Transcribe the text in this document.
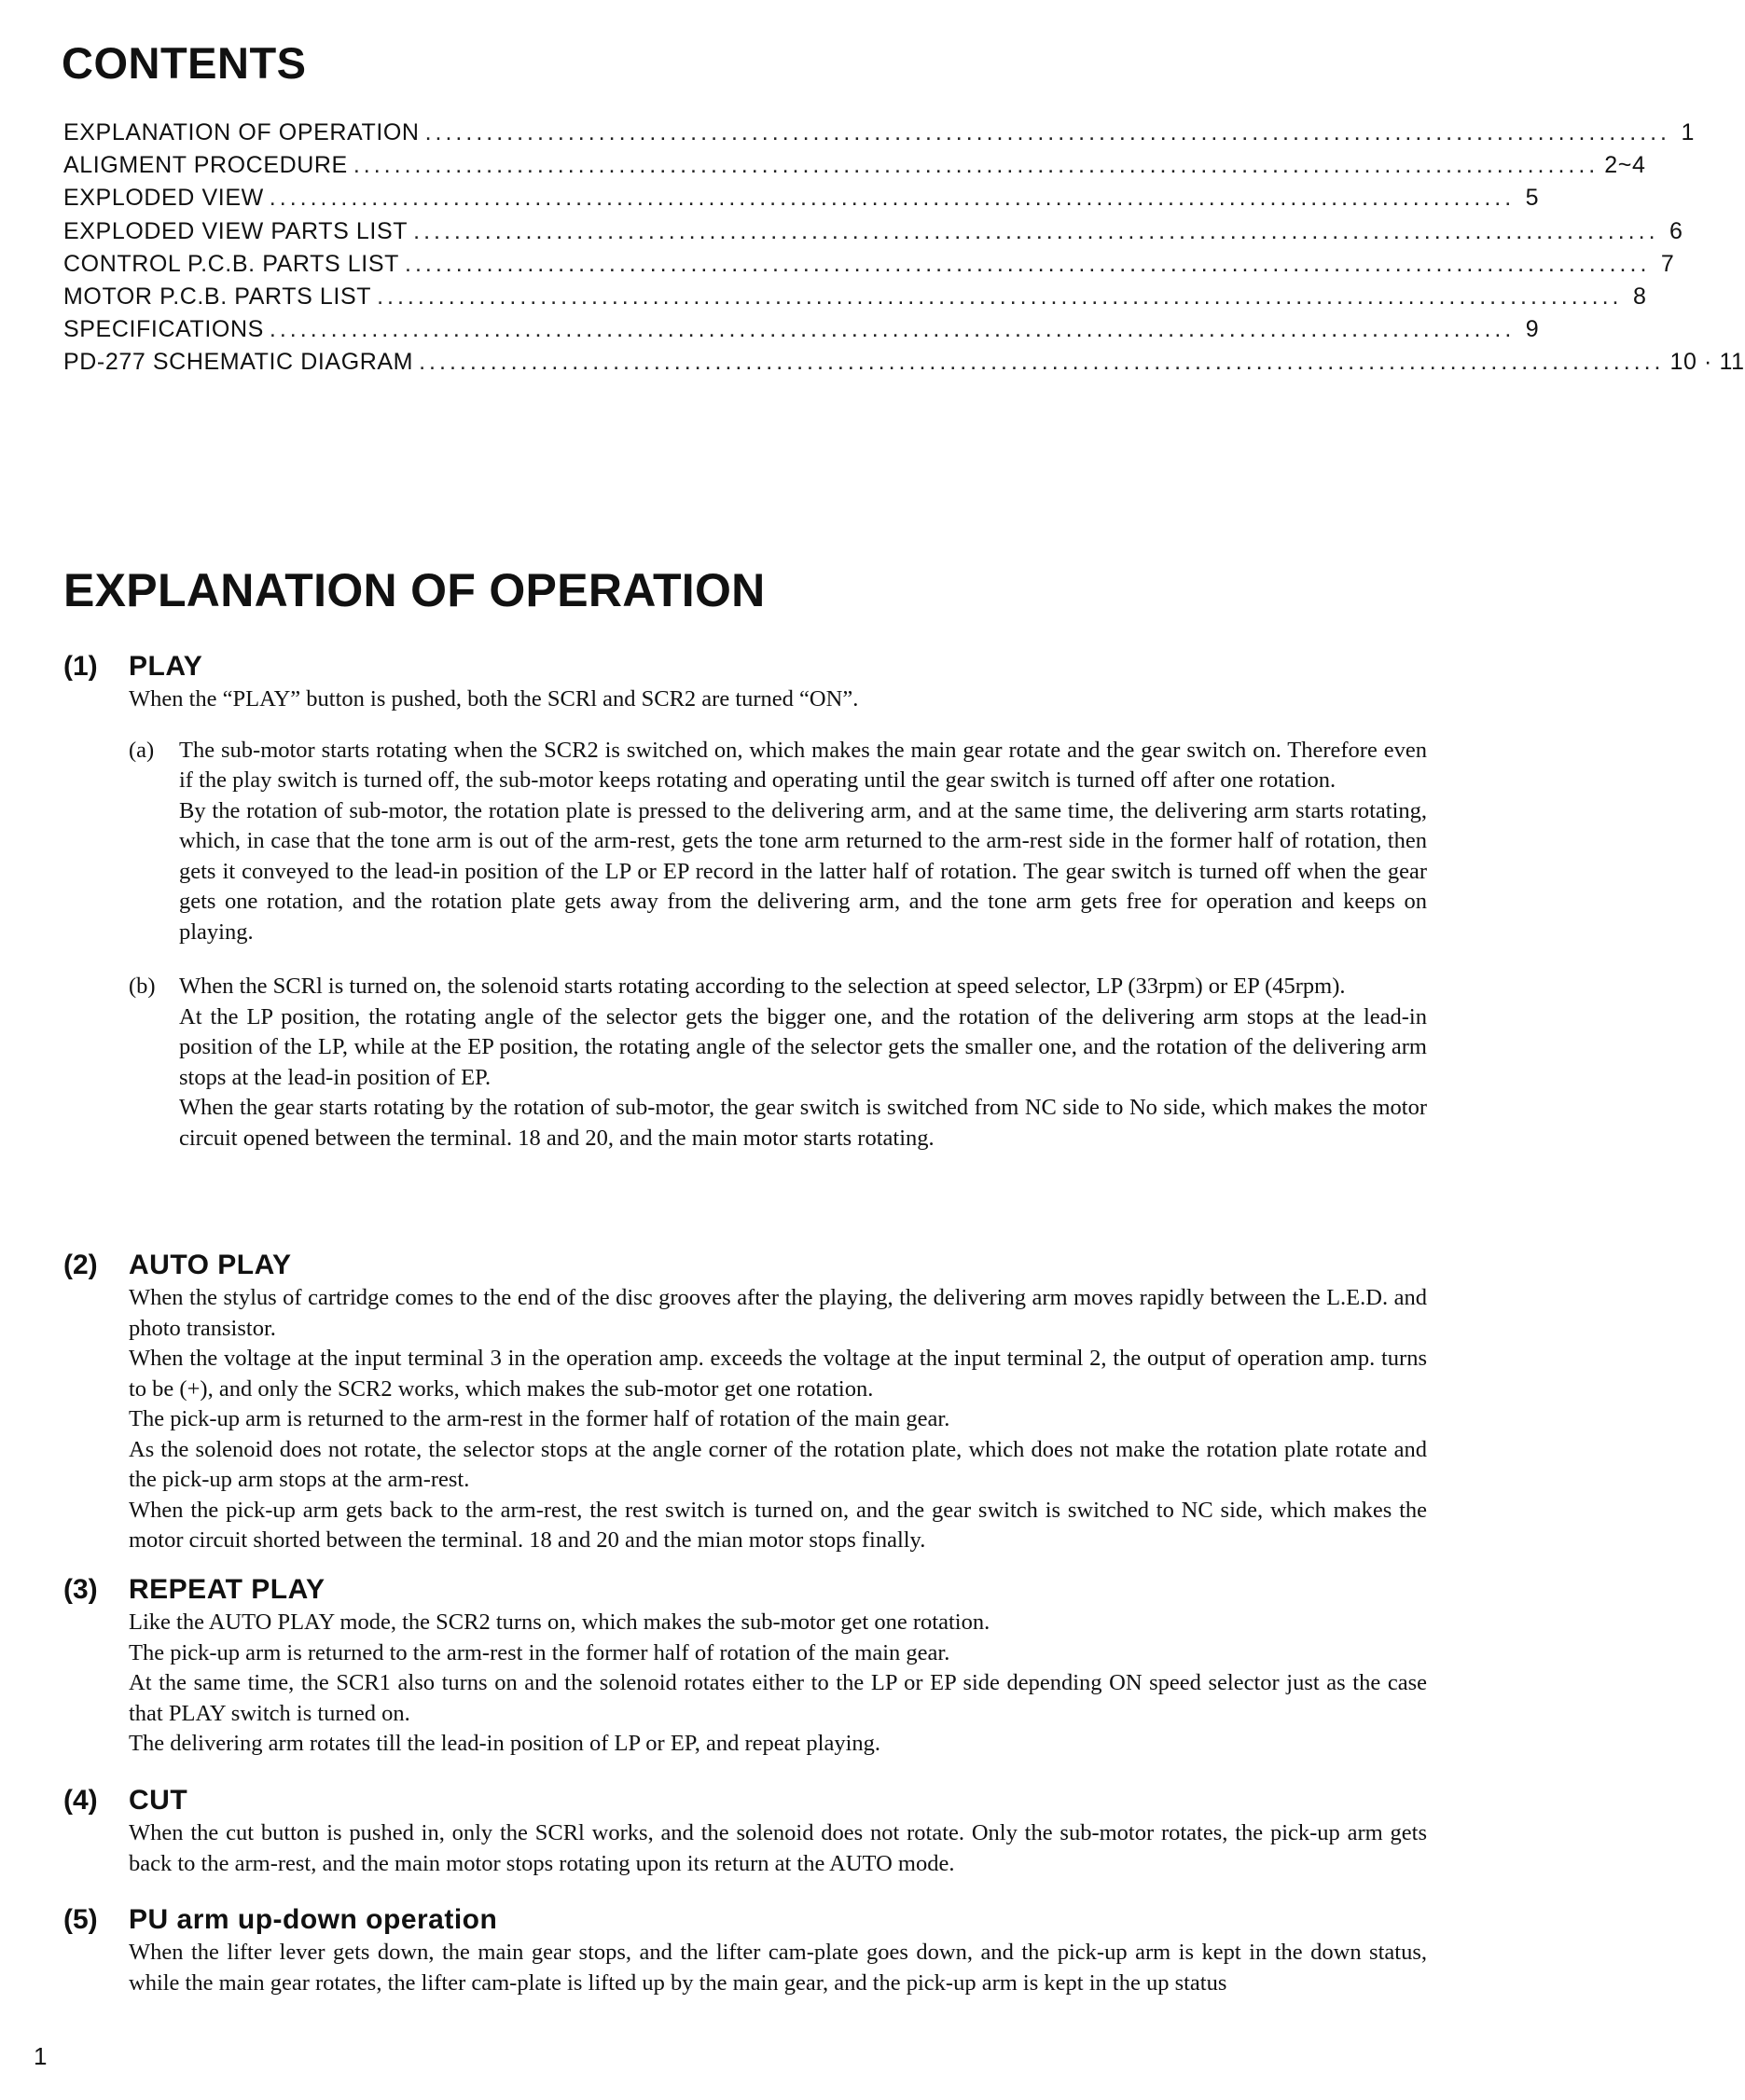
CONTENTS
EXPLANATION OF OPERATION .......................................................................................................................... 1
ALIGMENT PROCEDURE .......................................................................................................................... 2~4
EXPLODED VIEW .......................................................................................................................... 5
EXPLODED VIEW PARTS LIST .......................................................................................................................... 6
CONTROL P.C.B. PARTS LIST .......................................................................................................................... 7
MOTOR P.C.B. PARTS LIST .......................................................................................................................... 8
SPECIFICATIONS .......................................................................................................................... 9
PD-277 SCHEMATIC DIAGRAM .......................................................................................................................... 10 · 11
EXPLANATION OF OPERATION
(1)	PLAY

When the “PLAY” button is pushed, both the SCRl and SCR2 are turned “ON”.

(a)	The sub-motor starts rotating when the SCR2 is switched on, which makes the main gear rotate and the gear switch on. Therefore even if the play switch is turned off, the sub-motor keeps rotating and operating until the gear switch is turned off after one rotation.

By the rotation of sub-motor, the rotation plate is pressed to the delivering arm, and at the same time, the delivering arm starts rotating, which, in case that the tone arm is out of the arm-rest, gets the tone arm returned to the arm-rest side in the former half of rotation, then gets it conveyed to the lead-in position of the LP or EP record in the latter half of rotation. The gear switch is turned off when the gear gets one rotation, and the rotation plate gets away from the delivering arm, and the tone arm gets free for operation and keeps on playing.

(b)	When the SCRl is turned on, the solenoid starts rotating according to the selection at speed selector, LP (33rpm) or EP (45rpm).

At the LP position, the rotating angle of the selector gets the bigger one, and the rotation of the delivering arm stops at the lead-in position of the LP, while at the EP position, the rotating angle of the selector gets the smaller one, and the rotation of the delivering arm stops at the lead-in position of EP.

When the gear starts rotating by the rotation of sub-motor, the gear switch is switched from NC side to No side, which makes the motor circuit opened between the terminal. 18 and 20, and the main motor starts rotating.

(2)	AUTO PLAY

When the stylus of cartridge comes to the end of the disc grooves after the playing, the delivering arm moves rapidly between the L.E.D. and photo transistor.

When the voltage at the input terminal 3 in the operation amp. exceeds the voltage at the input terminal 2, the output of operation amp. turns to be (+), and only the SCR2 works, which makes the sub-motor get one rotation.

The pick-up arm is returned to the arm-rest in the former half of rotation of the main gear.

As the solenoid does not rotate, the selector stops at the angle corner of the rotation plate, which does not make the rotation plate rotate and the pick-up arm stops at the arm-rest.

When the pick-up arm gets back to the arm-rest, the rest switch is turned on, and the gear switch is switched to NC side, which makes the motor circuit shorted between the terminal. 18 and 20 and the mian motor stops finally.

(3)	REPEAT PLAY

Like the AUTO PLAY mode, the SCR2 turns on, which makes the sub-motor get one rotation.

The pick-up arm is returned to the arm-rest in the former half of rotation of the main gear.

At the same time, the SCR1 also turns on and the solenoid rotates either to the LP or EP side depending ON speed selector just as the case that PLAY switch is turned on.

The delivering arm rotates till the lead-in position of LP or EP, and repeat playing.

(4)	CUT

When the cut button is pushed in, only the SCRl works, and the solenoid does not rotate. Only the sub-motor rotates, the pick-up arm gets back to the arm-rest, and the main motor stops rotating upon its return at the AUTO mode.

(5)	PU arm up-down operation

When the lifter lever gets down, the main gear stops, and the lifter cam-plate goes down, and the pick-up arm is kept in the down status, while the main gear rotates, the lifter cam-plate is lifted up by the main gear, and the pick-up arm is kept in the up status

1
